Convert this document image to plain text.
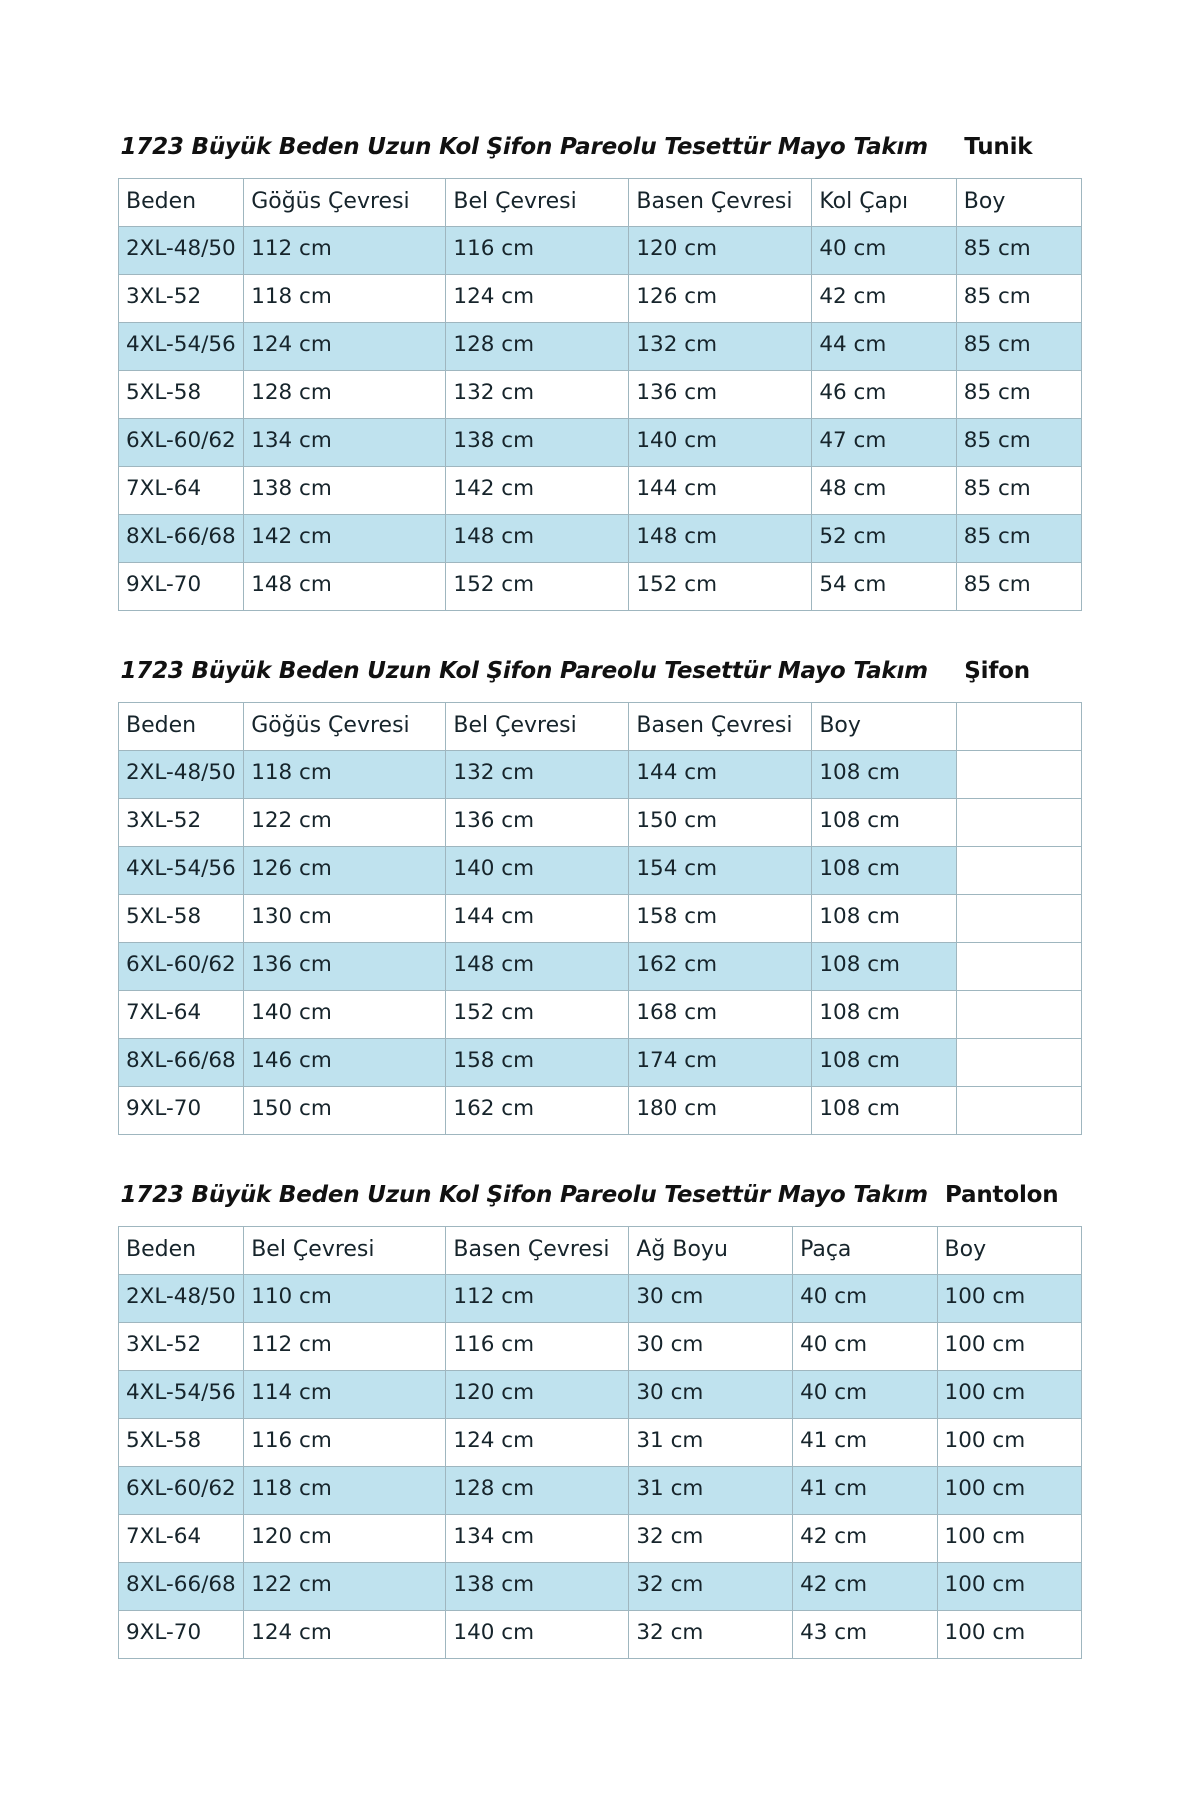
1723 Büyük Beden Uzun Kol Şifon Pareolu Tesettür Mayo Takım					Tunik
Beden	Göğüs Çevresi	Bel Çevresi	Basen Çevresi	Kol Çapı	Boy
2XL-48/50	112 cm	116 cm	120 cm	40 cm	85 cm
3XL-52	118 cm	124 cm	126 cm	42 cm	85 cm
4XL-54/56	124 cm	128 cm	132 cm	44 cm	85 cm
5XL-58	128 cm	132 cm	136 cm	46 cm	85 cm
6XL-60/62	134 cm	138 cm	140 cm	47 cm	85 cm
7XL-64	138 cm	142 cm	144 cm	48 cm	85 cm
8XL-66/68	142 cm	148 cm	148 cm	52 cm	85 cm
9XL-70	148 cm	152 cm	152 cm	54 cm	85 cm
1723 Büyük Beden Uzun Kol Şifon Pareolu Tesettür Mayo Takım					Şifon
Beden	Göğüs Çevresi	Bel Çevresi	Basen Çevresi	Boy	
2XL-48/50	118 cm	132 cm	144 cm	108 cm	
3XL-52	122 cm	136 cm	150 cm	108 cm	
4XL-54/56	126 cm	140 cm	154 cm	108 cm	
5XL-58	130 cm	144 cm	158 cm	108 cm	
6XL-60/62	136 cm	148 cm	162 cm	108 cm	
7XL-64	140 cm	152 cm	168 cm	108 cm	
8XL-66/68	146 cm	158 cm	174 cm	108 cm	
9XL-70	150 cm	162 cm	180 cm	108 cm	
1723 Büyük Beden Uzun Kol Şifon Pareolu Tesettür Mayo Takım					Pantolon
Beden	Bel Çevresi	Basen Çevresi	Ağ Boyu	Paça	Boy
2XL-48/50	110 cm	112 cm	30 cm	40 cm	100 cm
3XL-52	112 cm	116 cm	30 cm	40 cm	100 cm
4XL-54/56	114 cm	120 cm	30 cm	40 cm	100 cm
5XL-58	116 cm	124 cm	31 cm	41 cm	100 cm
6XL-60/62	118 cm	128 cm	31 cm	41 cm	100 cm
7XL-64	120 cm	134 cm	32 cm	42 cm	100 cm
8XL-66/68	122 cm	138 cm	32 cm	42 cm	100 cm
9XL-70	124 cm	140 cm	32 cm	43 cm	100 cm
